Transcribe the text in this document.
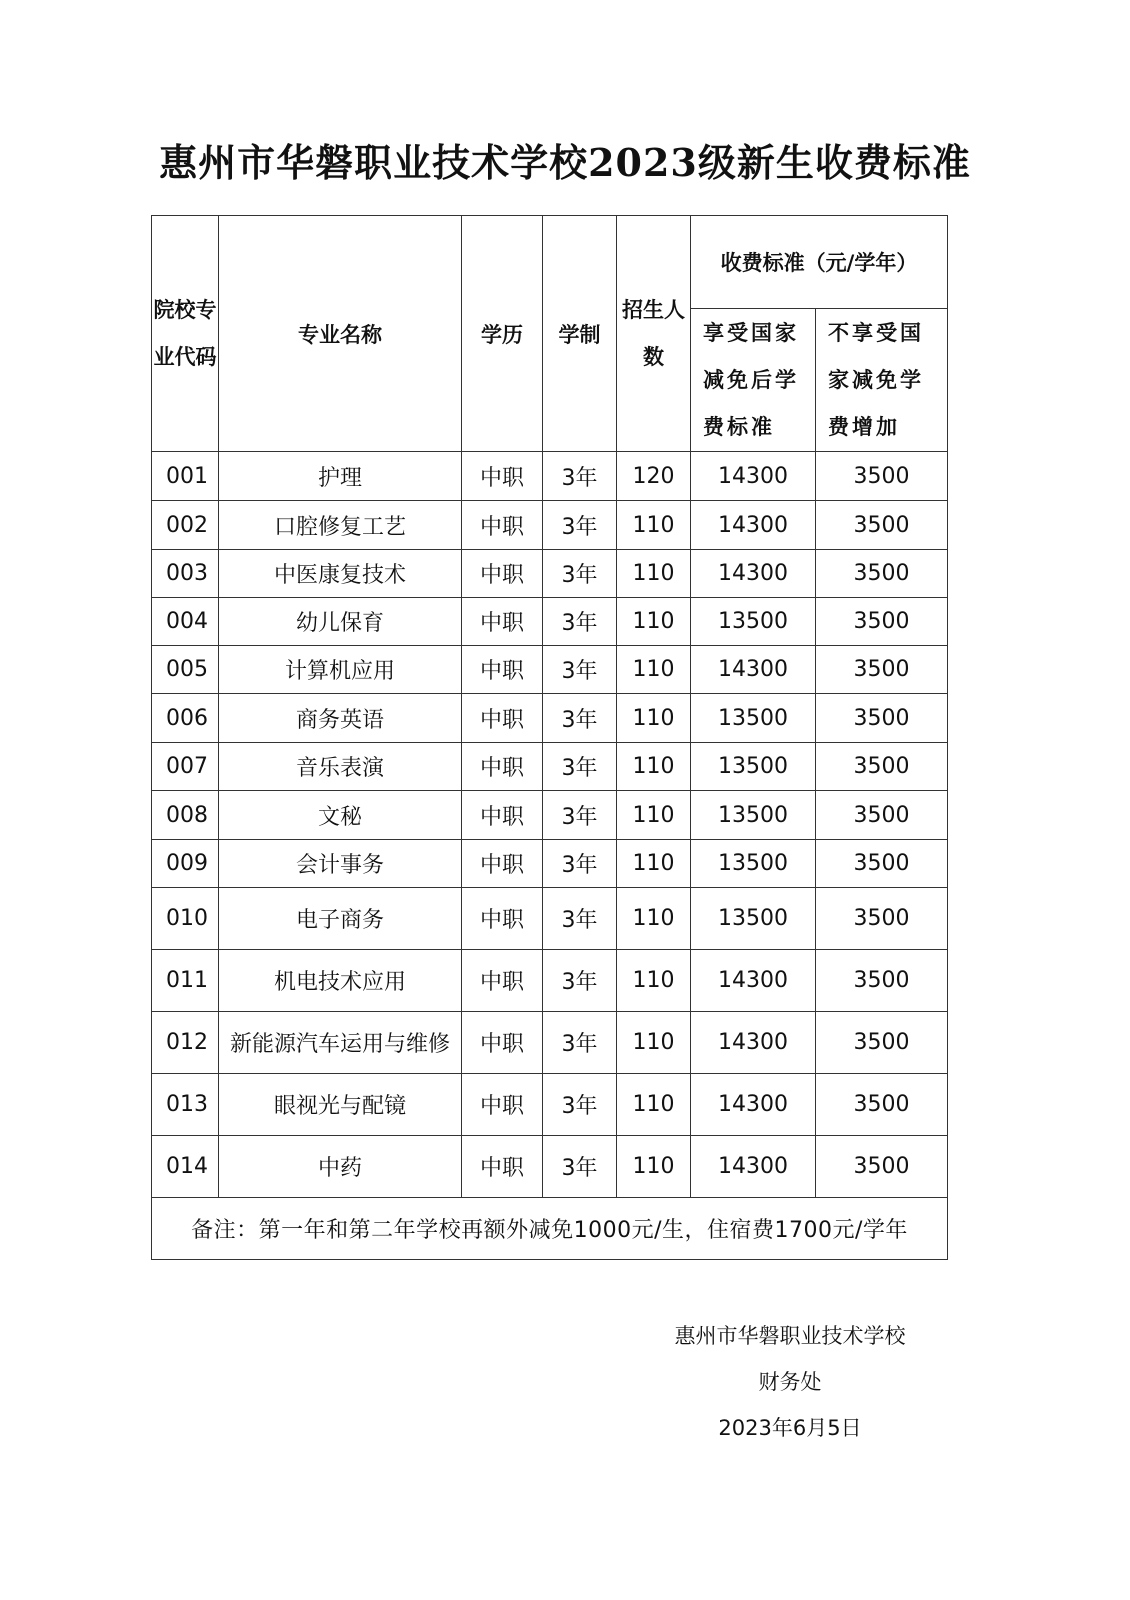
惠州市华磐职业技术学校2023级新生收费标准
院校专业代码	专业名称	学历	学制	招生人数	收费标准（元/学年）	
					享受国家减免后学费标准	不享受国家减免学费增加
001	护理	中职	3年	120	14300	3500
002	口腔修复工艺	中职	3年	110	14300	3500
003	中医康复技术	中职	3年	110	14300	3500
004	幼儿保育	中职	3年	110	13500	3500
005	计算机应用	中职	3年	110	14300	3500
006	商务英语	中职	3年	110	13500	3500
007	音乐表演	中职	3年	110	13500	3500
008	文秘	中职	3年	110	13500	3500
009	会计事务	中职	3年	110	13500	3500
010	电子商务	中职	3年	110	13500	3500
011	机电技术应用	中职	3年	110	14300	3500
012	新能源汽车运用与维修	中职	3年	110	14300	3500
013	眼视光与配镜	中职	3年	110	14300	3500
014	中药	中职	3年	110	14300	3500
备注：第一年和第二年学校再额外减免1000元/生，住宿费1700元/学年						
惠州市华磐职业技术学校
财务处
2023年6月5日
